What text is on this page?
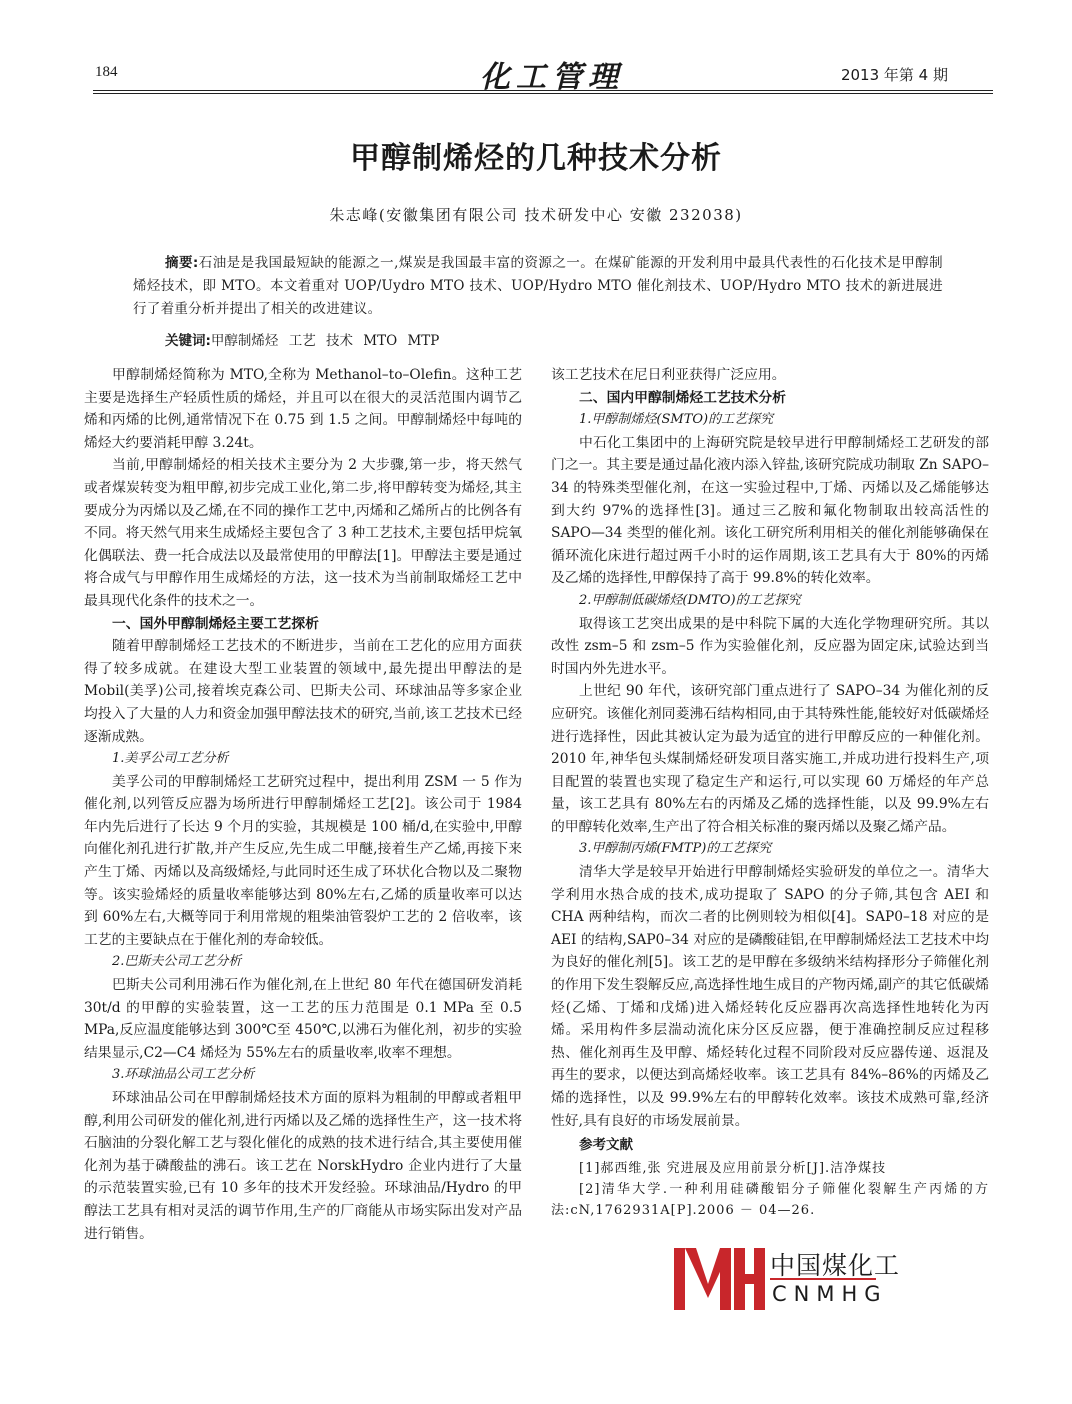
184	化工管理	2013 年第 4 期
甲醇制烯烃的几种技术分析
朱志峰(安徽集团有限公司 技术研发中心 安徽 232038)
摘要:石油是是我国最短缺的能源之一,煤炭是我国最丰富的资源之一。在煤矿能源的开发利用中最具代表性的石化技术是甲醇制烯烃技术，即 MTO。本文着重对 UOP/Uydro MTO 技术、UOP/Hydro MTO 催化剂技术、UOP/Hydro MTO 技术的新进展进行了着重分析并提出了相关的改进建议。
关键词:甲醇制烯烃 工艺 技术 MTO MTP

甲醇制烯烃简称为 MTO,全称为 Methanol–to–Olefin。这种工艺主要是选择生产轻质性质的烯烃，并且可以在很大的灵活范围内调节乙烯和丙烯的比例,通常情况下在 0.75 到 1.5 之间。甲醇制烯烃中每吨的烯烃大约要消耗甲醇 3.24t。

当前,甲醇制烯烃的相关技术主要分为 2 大步骤,第一步，将天然气或者煤炭转变为粗甲醇,初步完成工业化,第二步,将甲醇转变为烯烃,其主要成分为丙烯以及乙烯,在不同的操作工艺中,丙烯和乙烯所占的比例各有不同。将天然气用来生成烯烃主要包含了 3 种工艺技术,主要包括甲烷氧化偶联法、费一托合成法以及最常使用的甲醇法[1]。甲醇法主要是通过将合成气与甲醇作用生成烯烃的方法，这一技术为当前制取烯烃工艺中最具现代化条件的技术之一。

一、国外甲醇制烯烃主要工艺探析

随着甲醇制烯烃工艺技术的不断进步，当前在工艺化的应用方面获得了较多成就。在建设大型工业装置的领域中,最先提出甲醇法的是 Mobil(美孚)公司,接着埃克森公司、巴斯夫公司、环球油品等多家企业均投入了大量的人力和资金加强甲醇法技术的研究,当前,该工艺技术已经逐渐成熟。

1.美孚公司工艺分析

美孚公司的甲醇制烯烃工艺研究过程中，提出利用 ZSM 一 5 作为催化剂,以列管反应器为场所进行甲醇制烯烃工艺[2]。该公司于 1984 年内先后进行了长达 9 个月的实验，其规模是 100 桶/d,在实验中,甲醇向催化剂孔进行扩散,并产生反应,先生成二甲醚,接着生产乙烯,再接下来产生丁烯、丙烯以及高级烯烃,与此同时还生成了环状化合物以及二聚物等。该实验烯烃的质量收率能够达到 80%左右,乙烯的质量收率可以达到 60%左右,大概等同于利用常规的粗柴油管裂炉工艺的 2 倍收率，该工艺的主要缺点在于催化剂的寿命较低。

2.巴斯夫公司工艺分析

巴斯夫公司利用沸石作为催化剂,在上世纪 80 年代在德国研发消耗 30t/d 的甲醇的实验装置，这一工艺的压力范围是 0.1 MPa 至 0.5 MPa,反应温度能够达到 300℃至 450℃,以沸石为催化剂，初步的实验结果显示,C2—C4 烯烃为 55%左右的质量收率,收率不理想。

3.环球油品公司工艺分析

环球油品公司在甲醇制烯烃技术方面的原料为粗制的甲醇或者粗甲醇,利用公司研发的催化剂,进行丙烯以及乙烯的选择性生产，这一技术将石脑油的分裂化解工艺与裂化催化的成熟的技术进行结合,其主要使用催化剂为基于磷酸盐的沸石。该工艺在 NorskHydro 企业内进行了大量的示范装置实验,已有 10 多年的技术开发经验。环球油品/Hydro 的甲醇法工艺具有相对灵活的调节作用,生产的厂商能从市场实际出发对产品进行销售。

该工艺技术在尼日利亚获得广泛应用。

二、国内甲醇制烯烃工艺技术分析
1.甲醇制烯烃(SMTO)的工艺探究

中石化工集团中的上海研究院是较早进行甲醇制烯烃工艺研发的部门之一。其主要是通过晶化液内添入锌盐,该研究院成功制取 Zn SAPO–34 的特殊类型催化剂，在这一实验过程中,丁烯、丙烯以及乙烯能够达到大约 97%的选择性[3]。通过三乙胺和氟化物制取出较高活性的 SAPO—34 类型的催化剂。该化工研究所利用相关的催化剂能够确保在循环流化床进行超过两千小时的运作周期,该工艺具有大于 80%的丙烯及乙烯的选择性,甲醇保持了高于 99.8%的转化效率。

2.甲醇制低碳烯烃(DMTO)的工艺探究

取得该工艺突出成果的是中科院下属的大连化学物理研究所。其以改性 zsm–5 和 zsm–5 作为实验催化剂，反应器为固定床,试验达到当时国内外先进水平。

上世纪 90 年代，该研究部门重点进行了 SAPO–34 为催化剂的反应研究。该催化剂同菱沸石结构相同,由于其特殊性能,能较好对低碳烯烃进行选择性，因此其被认定为最为适宜的进行甲醇反应的一种催化剂。2010 年,神华包头煤制烯烃研发项目落实施工,并成功进行投料生产,项目配置的装置也实现了稳定生产和运行,可以实现 60 万烯烃的年产总量，该工艺具有 80%左右的丙烯及乙烯的选择性能，以及 99.9%左右的甲醇转化效率,生产出了符合相关标准的聚丙烯以及聚乙烯产品。

3.甲醇制丙烯(FMTP)的工艺探究

清华大学是较早开始进行甲醇制烯烃实验研发的单位之一。清华大学利用水热合成的技术,成功提取了 SAPO 的分子筛,其包含 AEI 和 CHA 两种结构，而次二者的比例则较为相似[4]。SAP0–18 对应的是 AEI 的结构,SAP0–34 对应的是磷酸硅铝,在甲醇制烯烃法工艺技术中均为良好的催化剂[5]。该工艺的是甲醇在多级纳米结构择形分子筛催化剂的作用下发生裂解反应,高选择性地生成目的产物丙烯,副产的其它低碳烯烃(乙烯、丁烯和戊烯)进入烯烃转化反应器再次高选择性地转化为丙烯。采用构件多层湍动流化床分区反应器，便于准确控制反应过程移热、催化剂再生及甲醇、烯烃转化过程不同阶段对反应器传递、返混及再生的要求，以便达到高烯烃收率。该工艺具有 84%–86%的丙烯及乙烯的选择性，以及 99.9%左右的甲醇转化效率。该技术成熟可靠,经济性好,具有良好的市场发展前景。

参考文献

[1]郝西维,张 究进展及应用前景分析[J].洁净煤技

[2]清华大学.一种利用硅磷酸铝分子筛催化裂解生产丙烯的方法:cN,1762931A[P].2006 － 04—26.

中国煤化工
CNMHG
